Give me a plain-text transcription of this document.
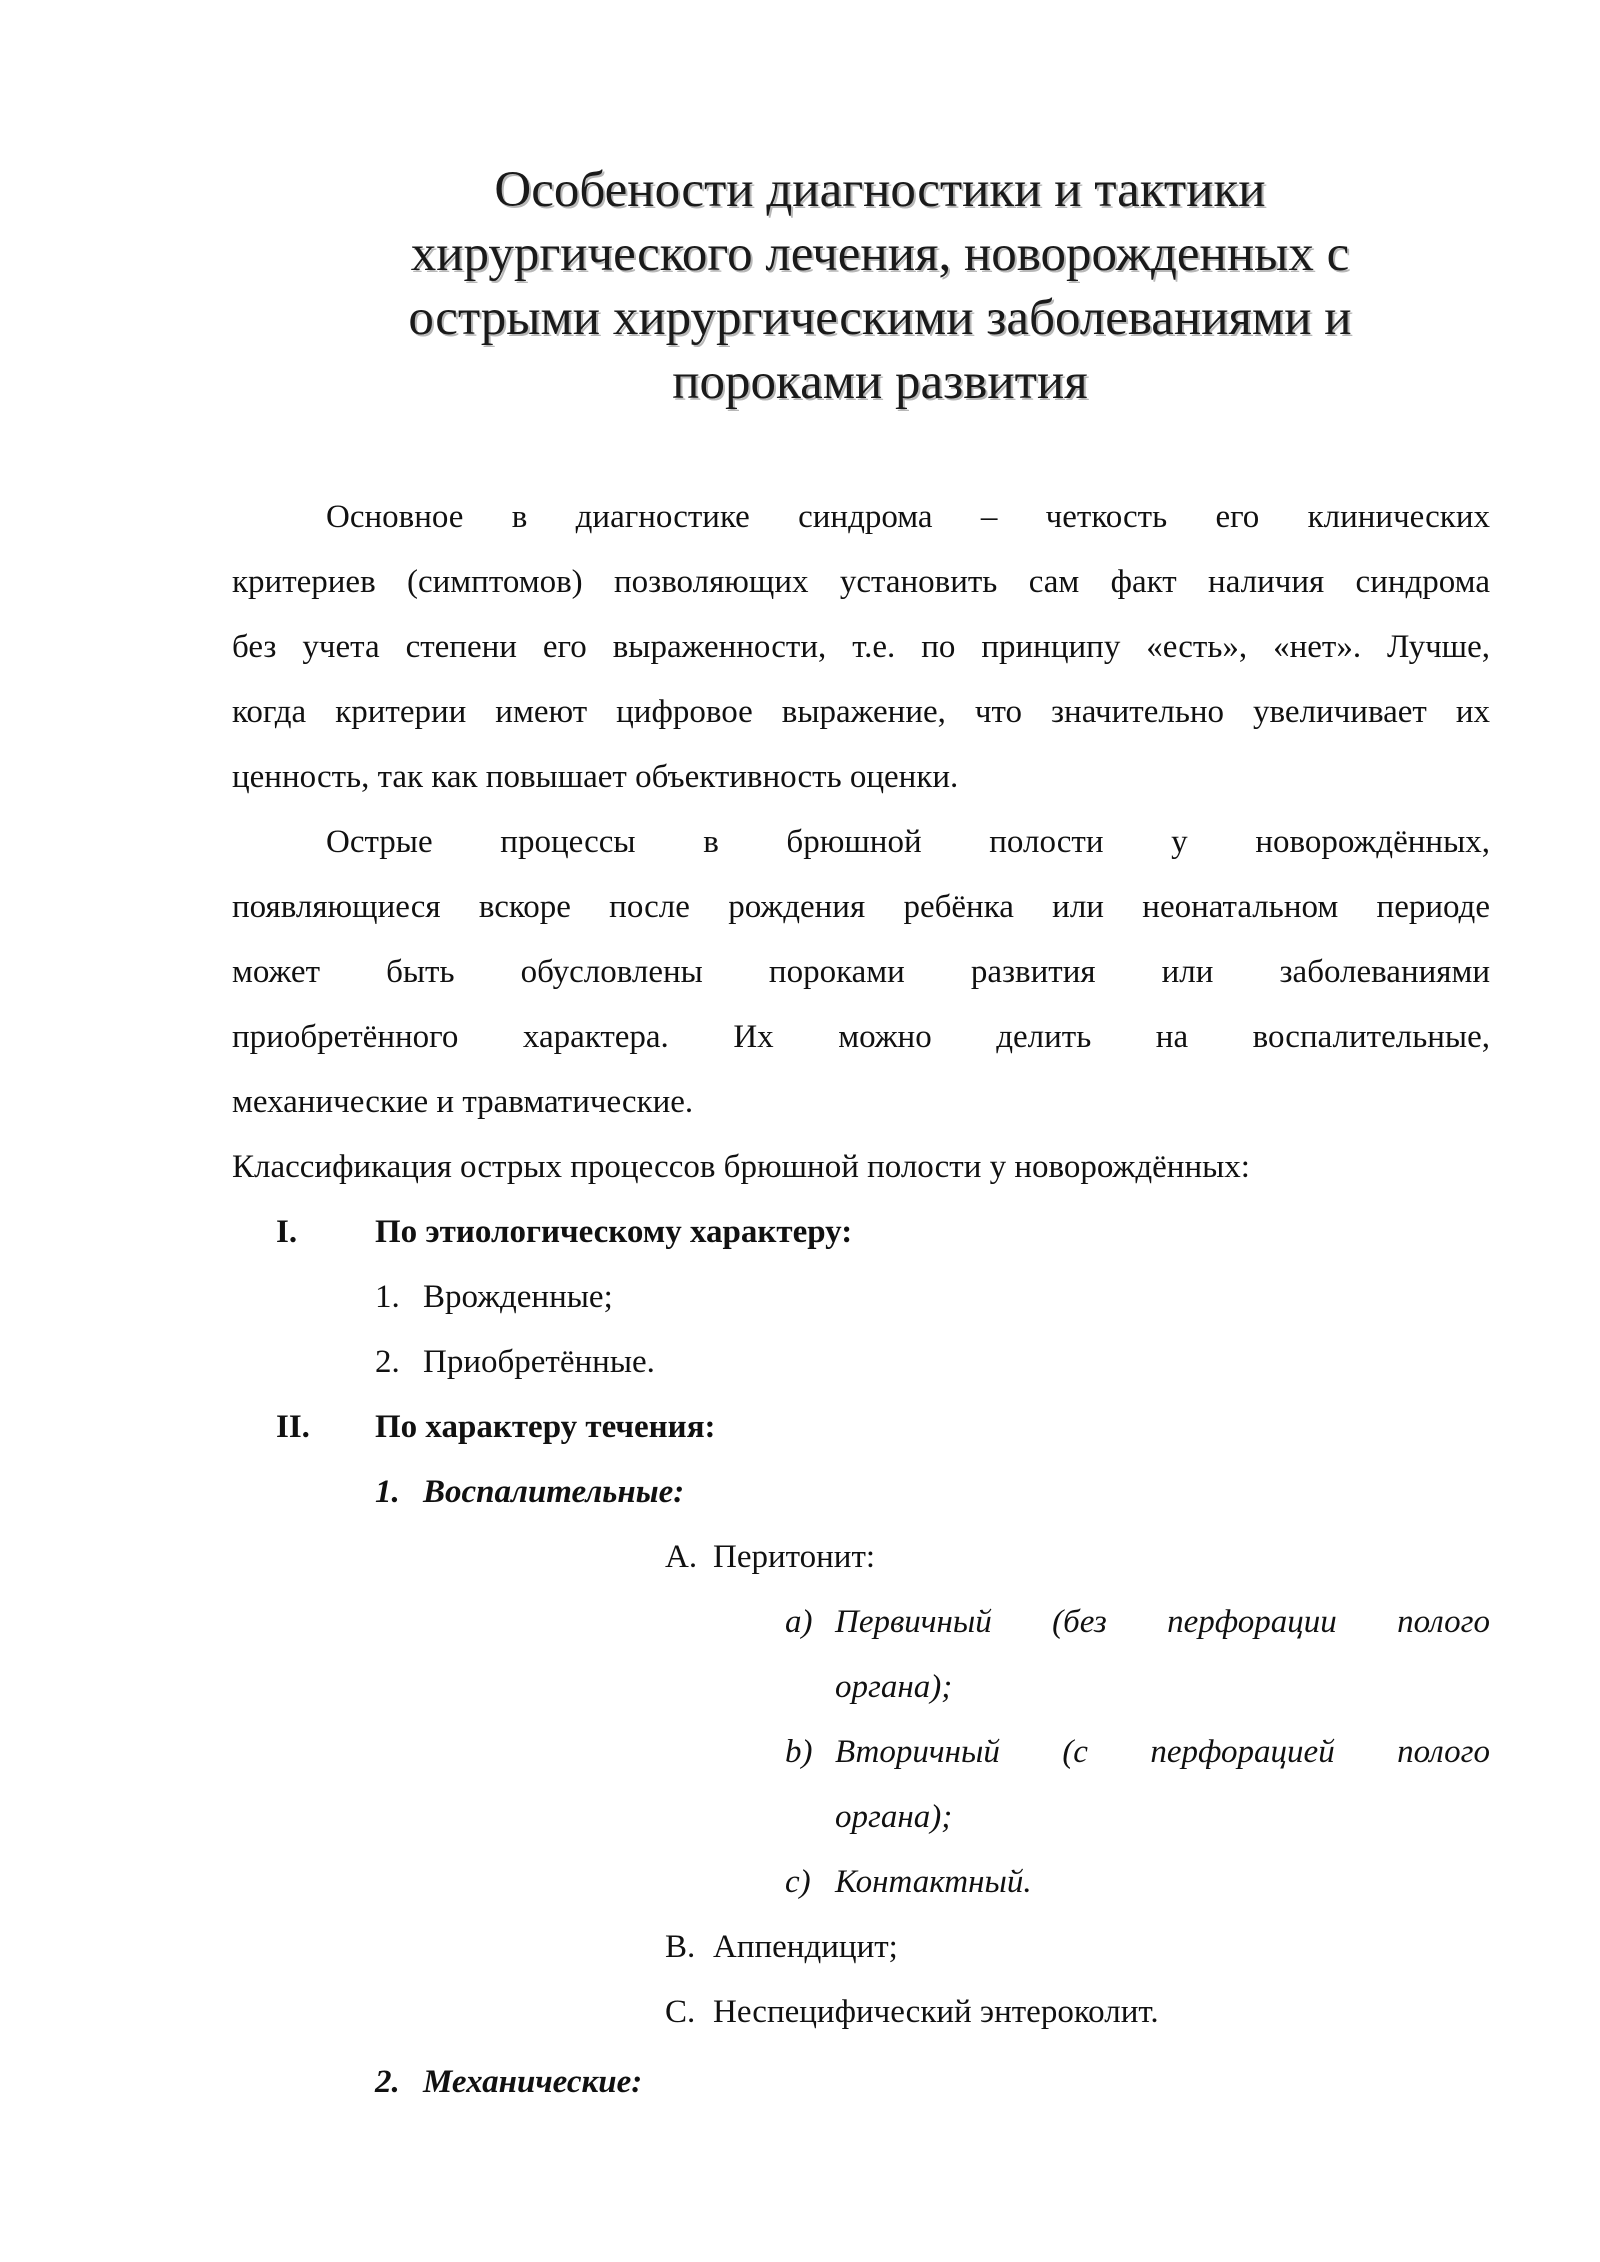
Особености диагностики и тактики
хирургического лечения, новорожденных с
острыми хирургическими заболеваниями и
пороками развития
Основное в диагностике синдрома – четкость его клинических
критериев (симптомов) позволяющих установить сам факт наличия синдрома
без учета степени его выраженности, т.е. по принципу «есть», «нет». Лучше,
когда критерии имеют цифровое выражение, что значительно увеличивает их
ценность, так как повышает объективность оценки.
Острые процессы в брюшной полости у новорождённых,
появляющиеся вскоре после рождения ребёнка или неонатальном периоде
может быть обусловлены пороками развития или заболеваниями
приобретённого характера. Их можно делить на воспалительные,
механические и травматические.
Классификация острых процессов брюшной полости у новорождённых:
I. По этиологическому характеру:
1. Врожденные;
2. Приобретённые.
II. По характеру течения:
1. Воспалительные:
A. Перитонит:
a) Первичный (без перфорации полого
органа);
b) Вторичный (с перфорацией полого
органа);
c) Контактный.
B. Аппендицит;
C. Неспецифический энтероколит.
2. Механические:
